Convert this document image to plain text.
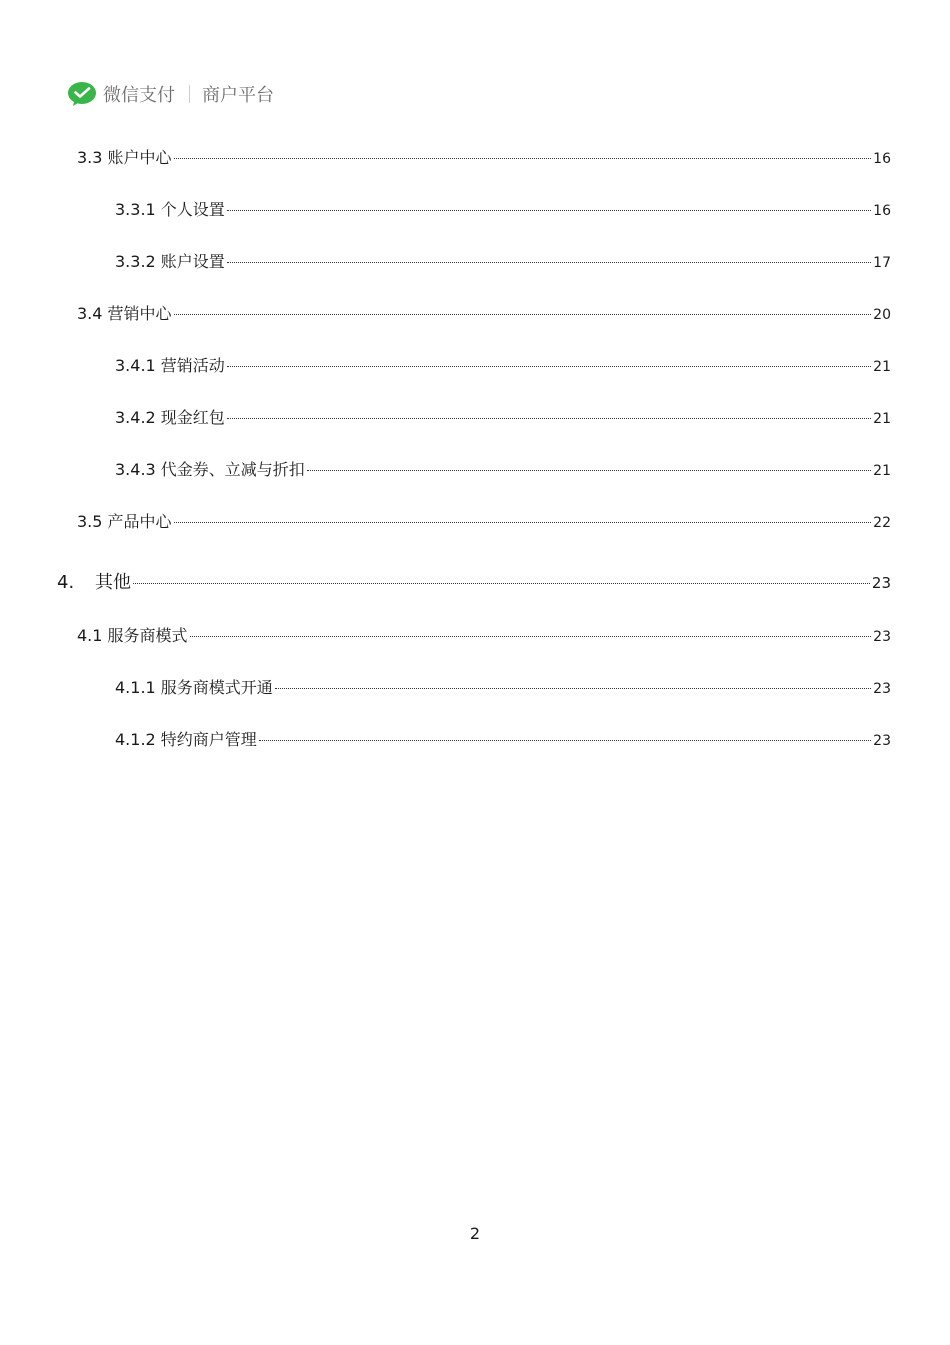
微信支付 商户平台
3.3 账户中心	16
3.3.1 个人设置	16
3.3.2 账户设置	17
3.4 营销中心	20
3.4.1 营销活动	21
3.4.2 现金红包	21
3.4.3 代金券、立减与折扣	21
3.5 产品中心	22
4. 其他	23
4.1 服务商模式	23
4.1.1 服务商模式开通	23
4.1.2 特约商户管理	23
2
